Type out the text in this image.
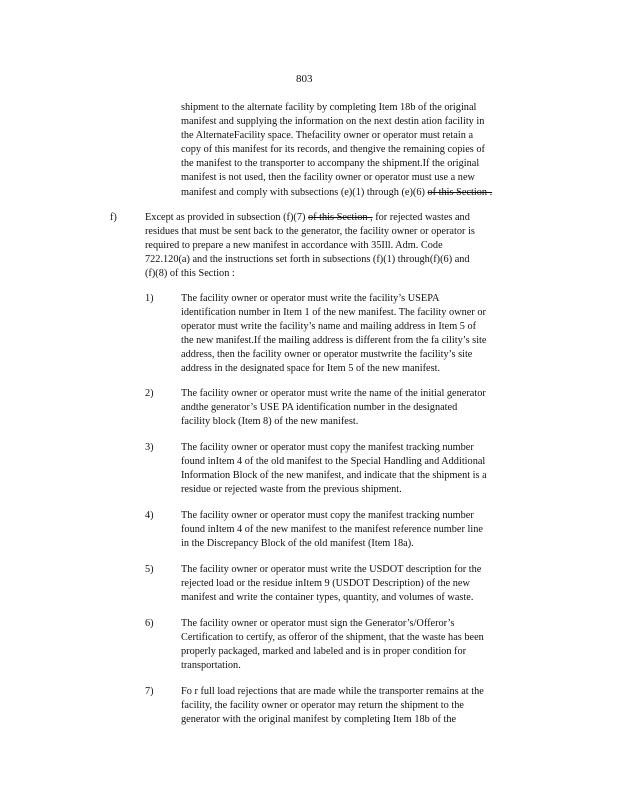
803
shipment to the alternate facility by completing Item 18b of the original
manifest and supplying the information on the next destin ation facility in
the AlternateFacility space. Thefacility owner or operator must retain a
copy of this manifest for its records, and thengive the remaining copies of
the manifest to the transporter to accompany the shipment.If the original
manifest is not used, then the facility owner or operator must use a new
manifest and comply with subsections (e)(1) through (e)(6) of this Section .
f)	Except as provided in subsection (f)(7) of this Section , for rejected wastes and
residues that must be sent back to the generator, the facility owner or operator is
required to prepare a new manifest in accordance with 35Ill. Adm. Code
722.120(a) and the instructions set forth in subsections (f)(1) through(f)(6) and
(f)(8) of this Section :
1)	The facility owner or operator must write the facility’s USEPA
identification number in Item 1 of the new manifest. The facility owner or
operator must write the facility’s name and mailing address in Item 5 of
the new manifest.If the mailing address is different from the fa cility’s site
address, then the facility owner or operator mustwrite the facility’s site
address in the designated space for Item 5 of the new manifest.
2)	The facility owner or operator must write the name of the initial generator
andthe generator’s USE PA identification number in the designated
facility block (Item 8) of the new manifest.
3)	The facility owner or operator must copy the manifest tracking number
found inItem 4 of the old manifest to the Special Handling and Additional
Information Block of the new manifest, and indicate that the shipment is a
residue or rejected waste from the previous shipment.
4)	The facility owner or operator must copy the manifest tracking number
found inItem 4 of the new manifest to the manifest reference number line
in the Discrepancy Block of the old manifest (Item 18a).
5)	The facility owner or operator must write the USDOT description for the
rejected load or the residue inItem 9 (USDOT Description) of the new
manifest and write the container types, quantity, and volumes of waste.
6)	The facility owner or operator must sign the Generator’s/Offeror’s
Certification to certify, as offeror of the shipment, that the waste has been
properly packaged, marked and labeled and is in proper condition for
transportation.
7)	Fo r full load rejections that are made while the transporter remains at the
facility, the facility owner or operator may return the shipment to the
generator with the original manifest by completing Item 18b of the
